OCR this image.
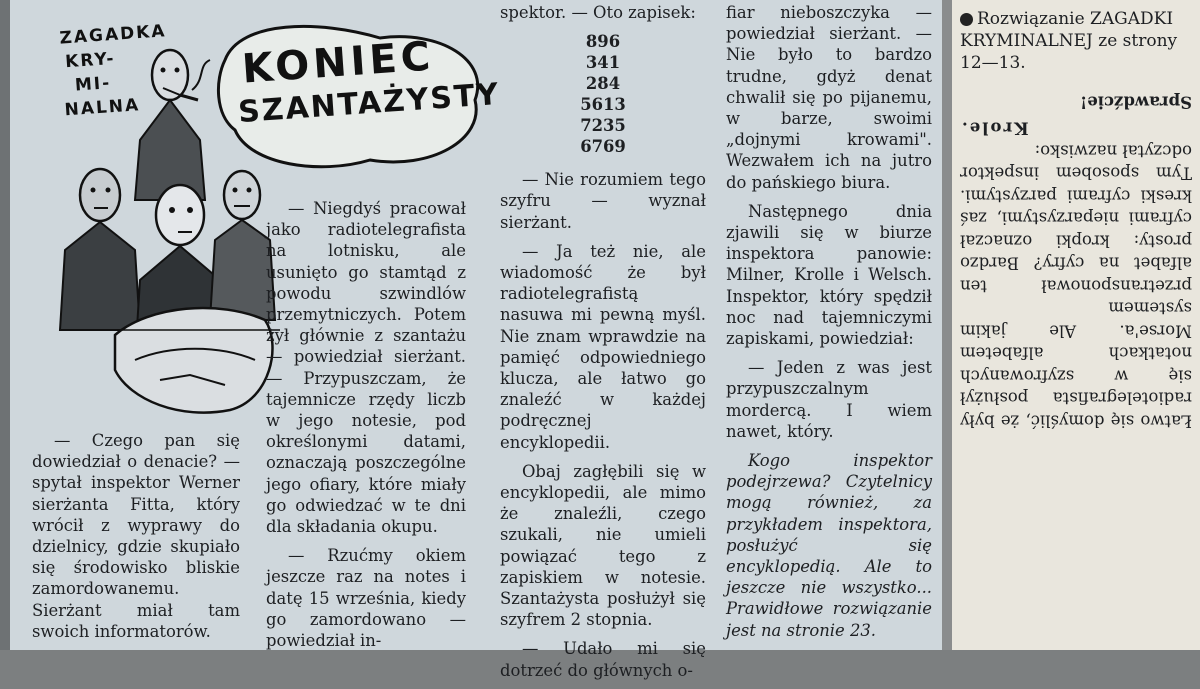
ZAGADKA
KRY-
MI-
NALNA
KONIEC
SZANTAŻYSTY

— Czego pan się dowiedział o denacie? — spytał inspektor Werner sierżanta Fitta, który wrócił z wyprawy do dzielnicy, gdzie skupiało się środowisko bliskie zamordowanemu. Sierżant miał tam swoich informatorów.

— Niegdyś pracował jako radiotelegrafista na lotnisku, ale usunięto go stamtąd z powodu szwindlów przemytniczych. Potem żył głównie z szantażu — powiedział sierżant. — Przypuszczam, że tajemnicze rzędy liczb w jego notesie, pod określonymi datami, oznaczają poszczególne jego ofiary, które miały go odwiedzać w te dni dla składania okupu.

— Rzućmy okiem jeszcze raz na notes i datę 15 września, kiedy go zamordowano — powiedział in-

spektor. — Oto zapisek:

896
341
284
5613
7235
6769

— Nie rozumiem tego szyfru — wyznał sierżant.

— Ja też nie, ale wiadomość że był radiotelegrafistą nasuwa mi pewną myśl. Nie znam wprawdzie na pamięć odpowiedniego klucza, ale łatwo go znaleźć w każdej podręcznej encyklopedii.

Obaj zagłębili się w encyklopedii, ale mimo że znaleźli, czego szukali, nie umieli powiązać tego z zapiskiem w notesie. Szantażysta posłużył się szyfrem 2 stopnia.

— Udało mi się dotrzeć do głównych o-

fiar nieboszczyka — powiedział sierżant. — Nie było to bardzo trudne, gdyż denat chwalił się po pijanemu, w barze, swoimi „dojnymi krowami". Wezwałem ich na jutro do pańskiego biura.

Następnego dnia zjawili się w biurze inspektora panowie: Milner, Krolle i Welsch. Inspektor, który spędził noc nad tajemniczymi zapiskami, powiedział:

— Jeden z was jest przypuszczalnym mordercą. I wiem nawet, który.

Kogo inspektor podejrzewa? Czytelnicy mogą również, za przykładem inspektora, posłużyć się encyklopedią. Ale to jeszcze nie wszystko... Prawidłowe rozwiązanie jest na stronie 23.

Rozwiązanie ZAGADKI KRYMINALNEJ ze strony 12—13.
Łatwo się domyślić, że były radiotelegrafista posłużył się w szyfrowanych notatkach alfabetem Morse'a. Ale jakim systemem przetransponował ten alfabet na cyfry? Bardzo prosty: kropki oznaczał cyframi nieparzystymi, zaś kreski cyframi parzystymi. Tym sposobem inspektor odczytał nazwisko:
Krole.
Sprawdźcie!
